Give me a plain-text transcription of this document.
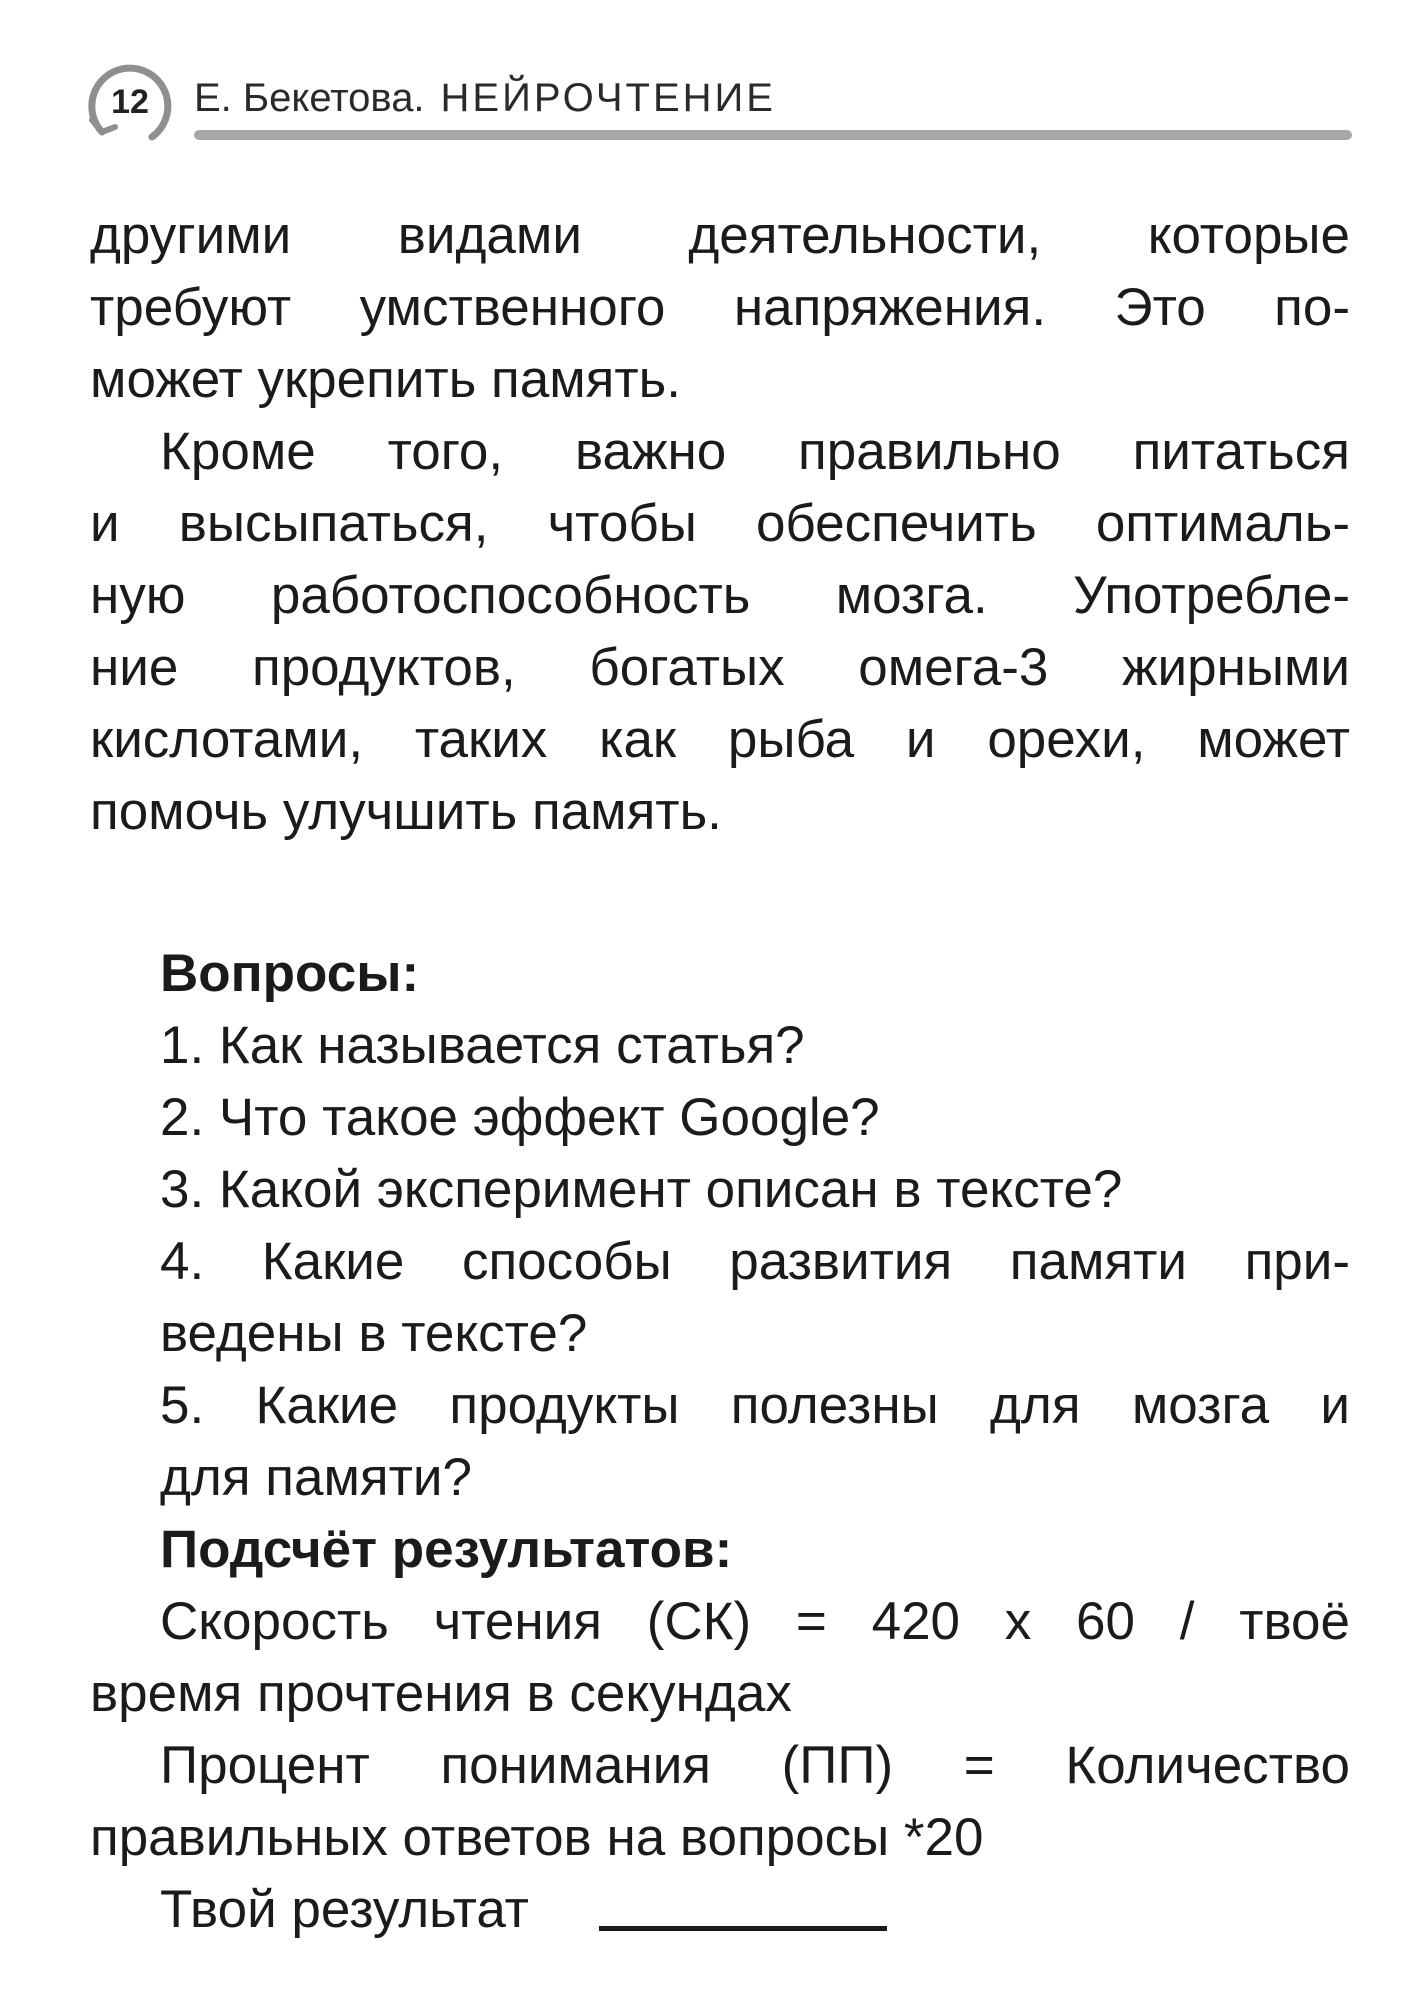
12	Е. Бекетова. НЕЙРОЧТЕНИЕ
другими видами деятельности, которые
требуют умственного напряжения. Это по-
может укрепить память.
Кроме того, важно правильно питаться
и высыпаться, чтобы обеспечить оптималь-
ную работоспособность мозга. Употребле-
ние продуктов, богатых омега-3 жирными
кислотами, таких как рыба и орехи, может
помочь улучшить память.
Вопросы:
1. Как называется статья?
2. Что такое эффект Google?
3. Какой эксперимент описан в тексте?
4. Какие способы развития памяти при-
ведены в тексте?
5. Какие продукты полезны для мозга и
для памяти?
Подсчёт результатов:
Скорость чтения (СК) = 420 х 60 / твоё
время прочтения в секундах
Процент понимания (ПП) = Количество
правильных ответов на вопросы *20
Твой результат
